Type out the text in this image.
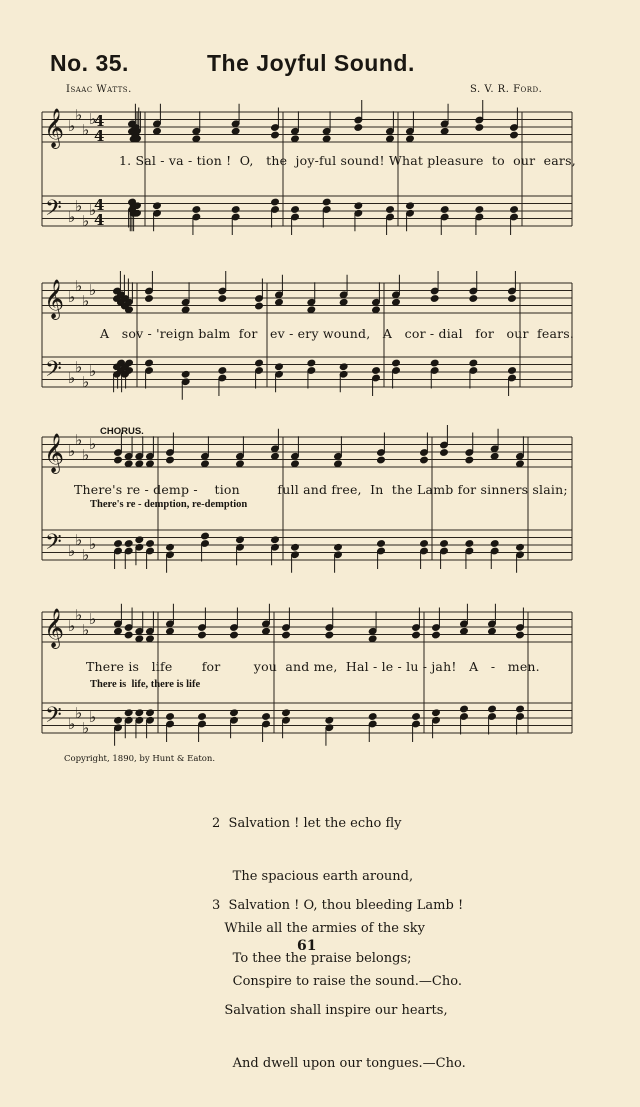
𝄞
𝄢
♭
♭
♭
♭
♭
♭
♭
♭
4
4
4
4
𝄞
𝄢
♭
♭
♭
♭
♭
♭
♭
♭
𝄞
𝄢
♭
♭
♭
♭
♭
♭
♭
♭
𝄞
𝄢
♭
♭
♭
♭
♭
♭
♭
♭
No. 35.	The Joyful Sound.
Isaac Watts.	S. V. R. Ford.
1. Sal - va - tion !  O,   the  joy-ful sound! What pleasure  to  our  ears,
A   sov - 'reign balm  for   ev - ery wound,   A   cor - dial   for   our  fears.
CHORUS.
There's re - demp -    tion         full and free,  In  the Lamb for sinners slain;
There's re - demption, re-demption
There is   life       for        you  and me,  Hal - le - lu - jah!   A   -   men.
There is  life, there is life
Copyright, 1890, by Hunt & Eaton.

2  Salvation ! let the echo fly

The spacious earth around,

While all the armies of the sky

Conspire to raise the sound.—Cho.

3  Salvation ! O, thou bleeding Lamb !

To thee the praise belongs;

Salvation shall inspire our hearts,

And dwell upon our tongues.—Cho.

61
